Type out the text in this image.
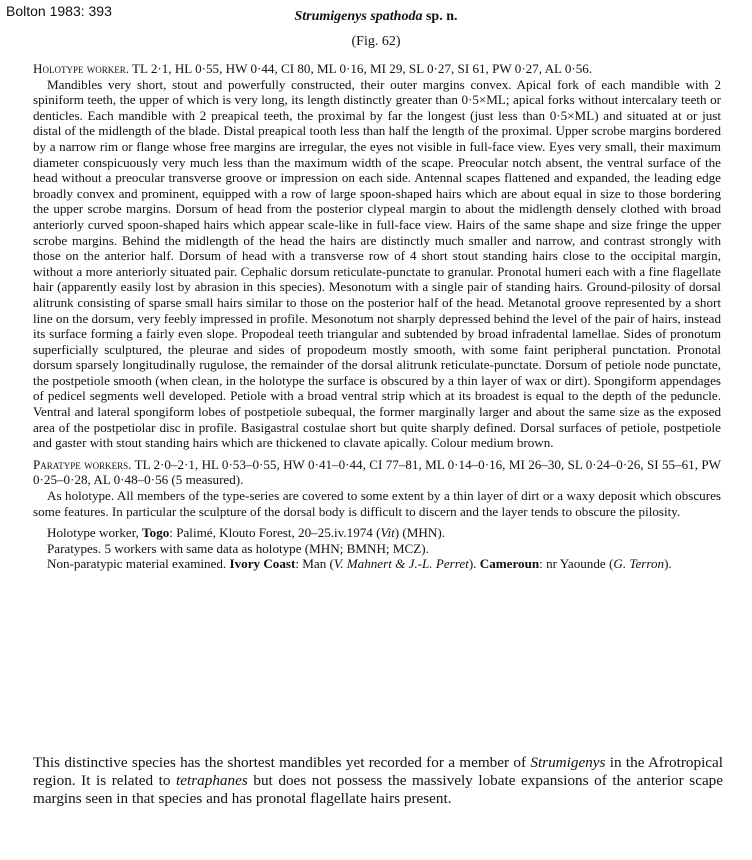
Bolton 1983: 393	Strumigenys spathoda sp. n.
(Fig. 62)

Holotype worker. TL 2·1, HL 0·55, HW 0·44, CI 80, ML 0·16, MI 29, SL 0·27, SI 61, PW 0·27, AL 0·56.

Mandibles very short, stout and powerfully constructed, their outer margins convex. Apical fork of each mandible with 2 spiniform teeth, the upper of which is very long, its length distinctly greater than 0·5×ML; apical forks without intercalary teeth or denticles. Each mandible with 2 preapical teeth, the proximal by far the longest (just less than 0·5×ML) and situated at or just distal of the midlength of the blade. Distal preapical tooth less than half the length of the proximal. Upper scrobe margins bordered by a narrow rim or flange whose free margins are irregular, the eyes not visible in full-face view. Eyes very small, their maximum diameter conspicuously very much less than the maximum width of the scape. Preocular notch absent, the ventral surface of the head without a preocular transverse groove or impression on each side. Antennal scapes flattened and expanded, the leading edge broadly convex and prominent, equipped with a row of large spoon-shaped hairs which are about equal in size to those bordering the upper scrobe margins. Dorsum of head from the posterior clypeal margin to about the midlength densely clothed with broad anteriorly curved spoon-shaped hairs which appear scale-like in full-face view. Hairs of the same shape and size fringe the upper scrobe margins. Behind the midlength of the head the hairs are distinctly much smaller and narrow, and contrast strongly with those on the anterior half. Dorsum of head with a transverse row of 4 short stout standing hairs close to the occipital margin, without a more anteriorly situated pair. Cephalic dorsum reticulate-punctate to granular. Pronotal humeri each with a fine flagellate hair (apparently easily lost by abrasion in this species). Mesonotum with a single pair of standing hairs. Ground-pilosity of dorsal alitrunk consisting of sparse small hairs similar to those on the posterior half of the head. Metanotal groove represented by a short line on the dorsum, very feebly impressed in profile. Mesonotum not sharply depressed behind the level of the pair of hairs, instead its surface forming a fairly even slope. Propodeal teeth triangular and subtended by broad infradental lamellae. Sides of pronotum superficially sculptured, the pleurae and sides of propodeum mostly smooth, with some faint peripheral punctation. Pronotal dorsum sparsely longitudinally rugulose, the remainder of the dorsal alitrunk reticulate-punctate. Dorsum of petiole node punctate, the postpetiole smooth (when clean, in the holotype the surface is obscured by a thin layer of wax or dirt). Spongiform appendages of pedicel segments well developed. Petiole with a broad ventral strip which at its broadest is equal to the depth of the peduncle. Ventral and lateral spongiform lobes of postpetiole subequal, the former marginally larger and about the same size as the exposed area of the postpetiolar disc in profile. Basigastral costulae short but quite sharply defined. Dorsal surfaces of petiole, postpetiole and gaster with stout standing hairs which are thickened to clavate apically. Colour medium brown.

Paratype workers. TL 2·0–2·1, HL 0·53–0·55, HW 0·41–0·44, CI 77–81, ML 0·14–0·16, MI 26–30, SL 0·24–0·26, SI 55–61, PW 0·25–0·28, AL 0·48–0·56 (5 measured).

As holotype. All members of the type-series are covered to some extent by a thin layer of dirt or a waxy deposit which obscures some features. In particular the sculpture of the dorsal body is difficult to discern and the layer tends to obscure the pilosity.

Holotype worker, Togo: Palimé, Klouto Forest, 20–25.iv.1974 (Vit) (MHN).

Paratypes. 5 workers with same data as holotype (MHN; BMNH; MCZ).

Non-paratypic material examined. Ivory Coast: Man (V. Mahnert & J.-L. Perret). Cameroun: nr Yaounde (G. Terron).

This distinctive species has the shortest mandibles yet recorded for a member of Strumigenys in the Afrotropical region. It is related to tetraphanes but does not possess the massively lobate expansions of the anterior scape margins seen in that species and has pronotal flagellate hairs present.
